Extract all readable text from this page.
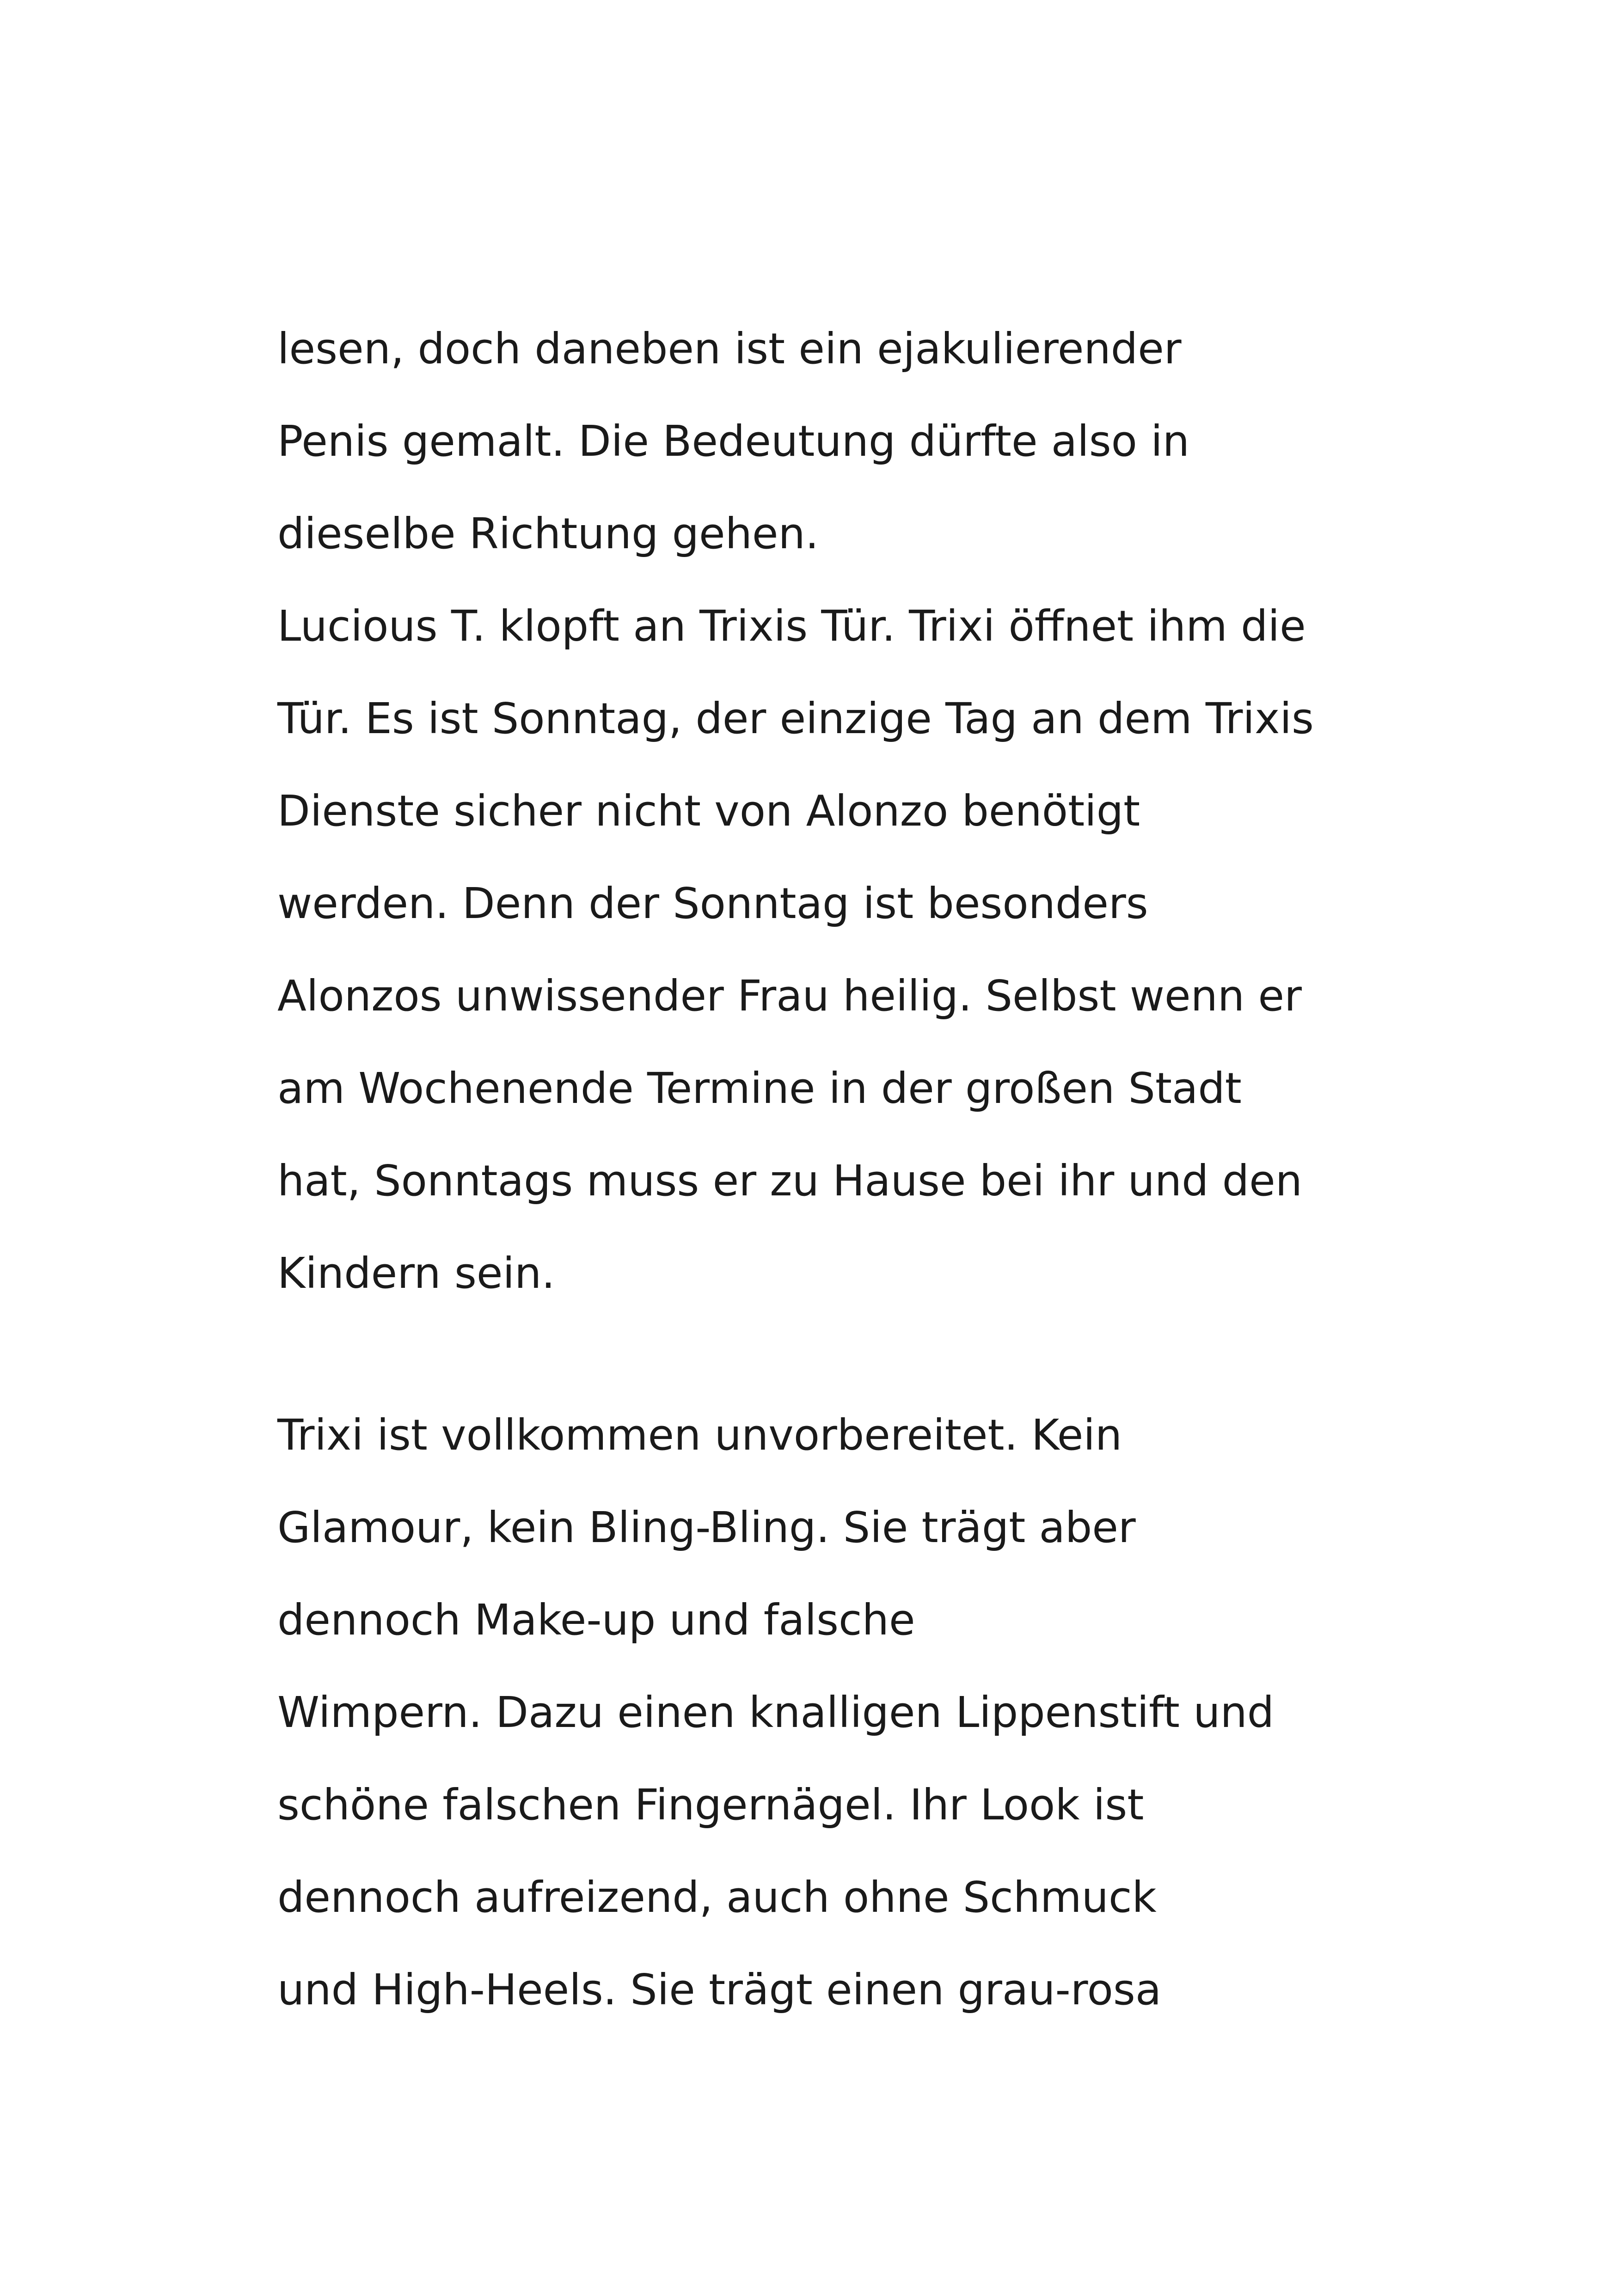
lesen, doch daneben ist ein ejakulierender
Penis gemalt. Die Bedeutung dürfte also in
dieselbe Richtung gehen.
Lucious T. klopft an Trixis Tür. Trixi öffnet ihm die
Tür. Es ist Sonntag, der einzige Tag an dem Trixis
Dienste sicher nicht von Alonzo benötigt
werden. Denn der Sonntag ist besonders
Alonzos unwissender Frau heilig. Selbst wenn er
am Wochenende Termine in der großen Stadt
hat, Sonntags muss er zu Hause bei ihr und den
Kindern sein.
Trixi ist vollkommen unvorbereitet. Kein
Glamour, kein Bling-Bling. Sie trägt aber
dennoch Make-up und falsche
Wimpern. Dazu einen knalligen Lippenstift und
schöne falschen Fingernägel. Ihr Look ist
dennoch aufreizend, auch ohne Schmuck
und High-Heels. Sie trägt einen grau-rosa
